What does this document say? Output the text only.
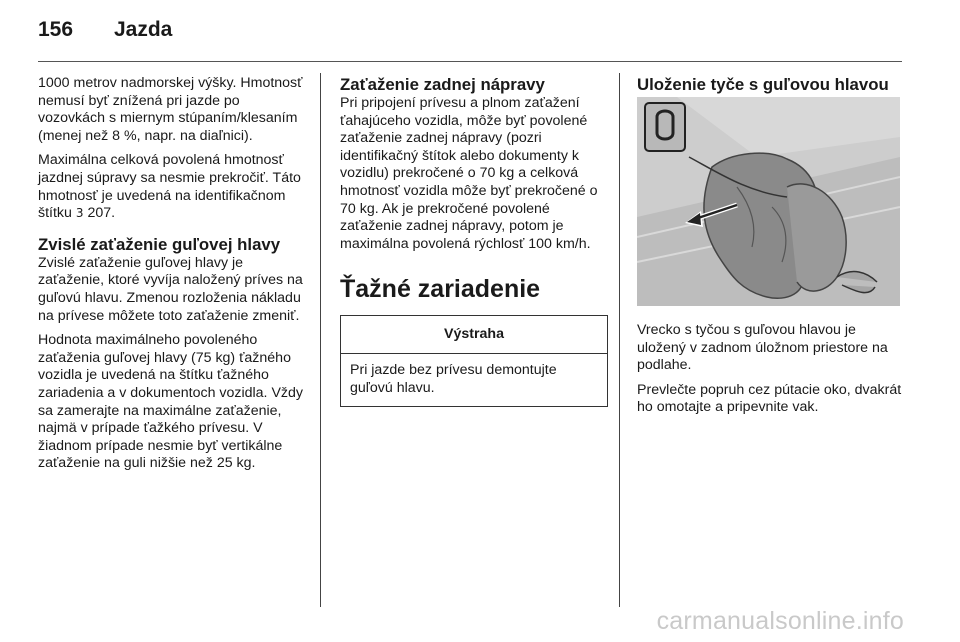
156	Jazda

1000 metrov nadmorskej výšky. Hmotnosť nemusí byť znížená pri jazde po vozovkách s miernym stúpaním/klesaním (menej než 8 %, napr. na diaľnici).

Maximálna celková povolená hmotnosť jazdnej súpravy sa nesmie prekročiť. Táto hmotnosť je uvedená na identifikačnom štítku 3 207.

Zvislé zaťaženie guľovej hlavy

Zvislé zaťaženie guľovej hlavy je zaťaženie, ktoré vyvíja naložený príves na guľovú hlavu. Zmenou rozloženia nákladu na prívese môžete toto zaťaženie zmeniť.

Hodnota maximálneho povoleného zaťaženia guľovej hlavy (75 kg) ťažného vozidla je uvedená na štítku ťažného zariadenia a v dokumentoch vozidla. Vždy sa zamerajte na maximálne zaťaženie, najmä v prípade ťažkého prívesu. V žiadnom prípade nesmie byť vertikálne zaťaženie na guli nižšie než 25 kg.

Zaťaženie zadnej nápravy

Pri pripojení prívesu a plnom zaťažení ťahajúceho vozidla, môže byť povolené zaťaženie zadnej nápravy (pozri identifikačný štítok alebo dokumenty k vozidlu) prekročené o 70 kg a celková hmotnosť vozidla môže byť prekročené o 70 kg. Ak je prekročené povolené zaťaženie zadnej nápravy, potom je maximálna povolená rýchlosť 100 km/h.

Ťažné zariadenie
Výstraha
Pri jazde bez prívesu demontujte guľovú hlavu.
Uloženie tyče s guľovou hlavou

Vrecko s tyčou s guľovou hlavou je uložený v zadnom úložnom priestore na podlahe.

Prevlečte popruh cez pútacie oko, dvakrát ho omotajte a pripevnite vak.

carmanualsonline.info
